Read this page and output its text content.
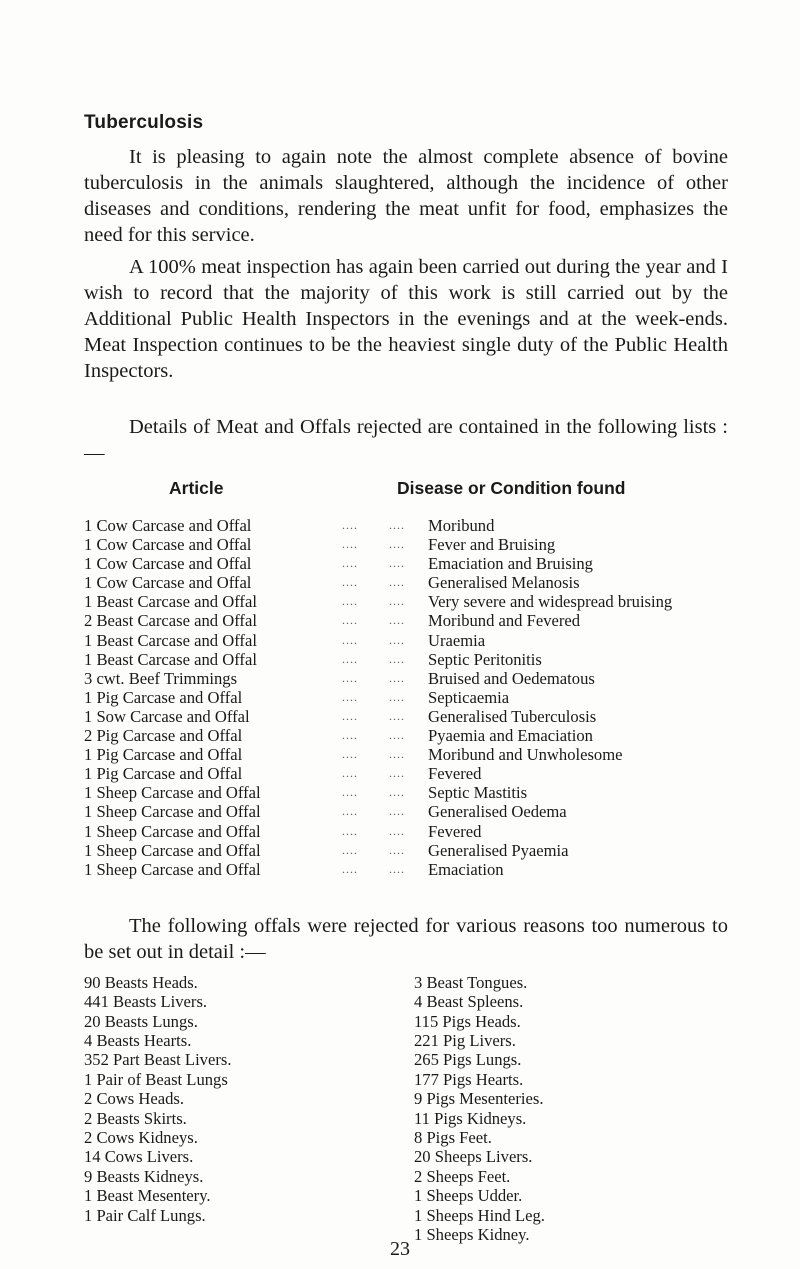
Tuberculosis

It is pleasing to again note the almost complete absence of bovine tuberculosis in the animals slaughtered, although the incidence of other diseases and conditions, rendering the meat unfit for food, emphasizes the need for this service.

A 100% meat inspection has again been carried out during the year and I wish to record that the majority of this work is still carried out by the Additional Public Health Inspectors in the evenings and at the week-ends. Meat Inspection continues to be the heaviest single duty of the Public Health Inspectors.

Details of Meat and Offals rejected are contained in the following lists :—

Article	Disease or Condition found
1 Cow Carcase and Offal	....	.... Moribund
1 Cow Carcase and Offal	....	.... Fever and Bruising
1 Cow Carcase and Offal	....	.... Emaciation and Bruising
1 Cow Carcase and Offal	....	.... Generalised Melanosis
1 Beast Carcase and Offal	....	.... Very severe and widespread bruising
2 Beast Carcase and Offal	....	.... Moribund and Fevered
1 Beast Carcase and Offal	....	.... Uraemia
1 Beast Carcase and Offal	....	.... Septic Peritonitis
3 cwt. Beef Trimmings	....	.... Bruised and Oedematous
1 Pig Carcase and Offal	....	.... Septicaemia
1 Sow Carcase and Offal	....	.... Generalised Tuberculosis
2 Pig Carcase and Offal	....	.... Pyaemia and Emaciation
1 Pig Carcase and Offal	....	.... Moribund and Unwholesome
1 Pig Carcase and Offal	....	.... Fevered
1 Sheep Carcase and Offal	....	.... Septic Mastitis
1 Sheep Carcase and Offal	....	.... Generalised Oedema
1 Sheep Carcase and Offal	....	.... Fevered
1 Sheep Carcase and Offal	....	.... Generalised Pyaemia
1 Sheep Carcase and Offal	....	.... Emaciation

The following offals were rejected for various reasons too numerous to be set out in detail :—

90 Beasts Heads.
441 Beasts Livers.
20 Beasts Lungs.
4 Beasts Hearts.
352 Part Beast Livers.
1 Pair of Beast Lungs
2 Cows Heads.
2 Beasts Skirts.
2 Cows Kidneys.
14 Cows Livers.
9 Beasts Kidneys.
1 Beast Mesentery.
1 Pair Calf Lungs.
3 Beast Tongues.
4 Beast Spleens.
115 Pigs Heads.
221 Pig Livers.
265 Pigs Lungs.
177 Pigs Hearts.
9 Pigs Mesenteries.
11 Pigs Kidneys.
8 Pigs Feet.
20 Sheeps Livers.
2 Sheeps Feet.
1 Sheeps Udder.
1 Sheeps Hind Leg.
1 Sheeps Kidney.
23
